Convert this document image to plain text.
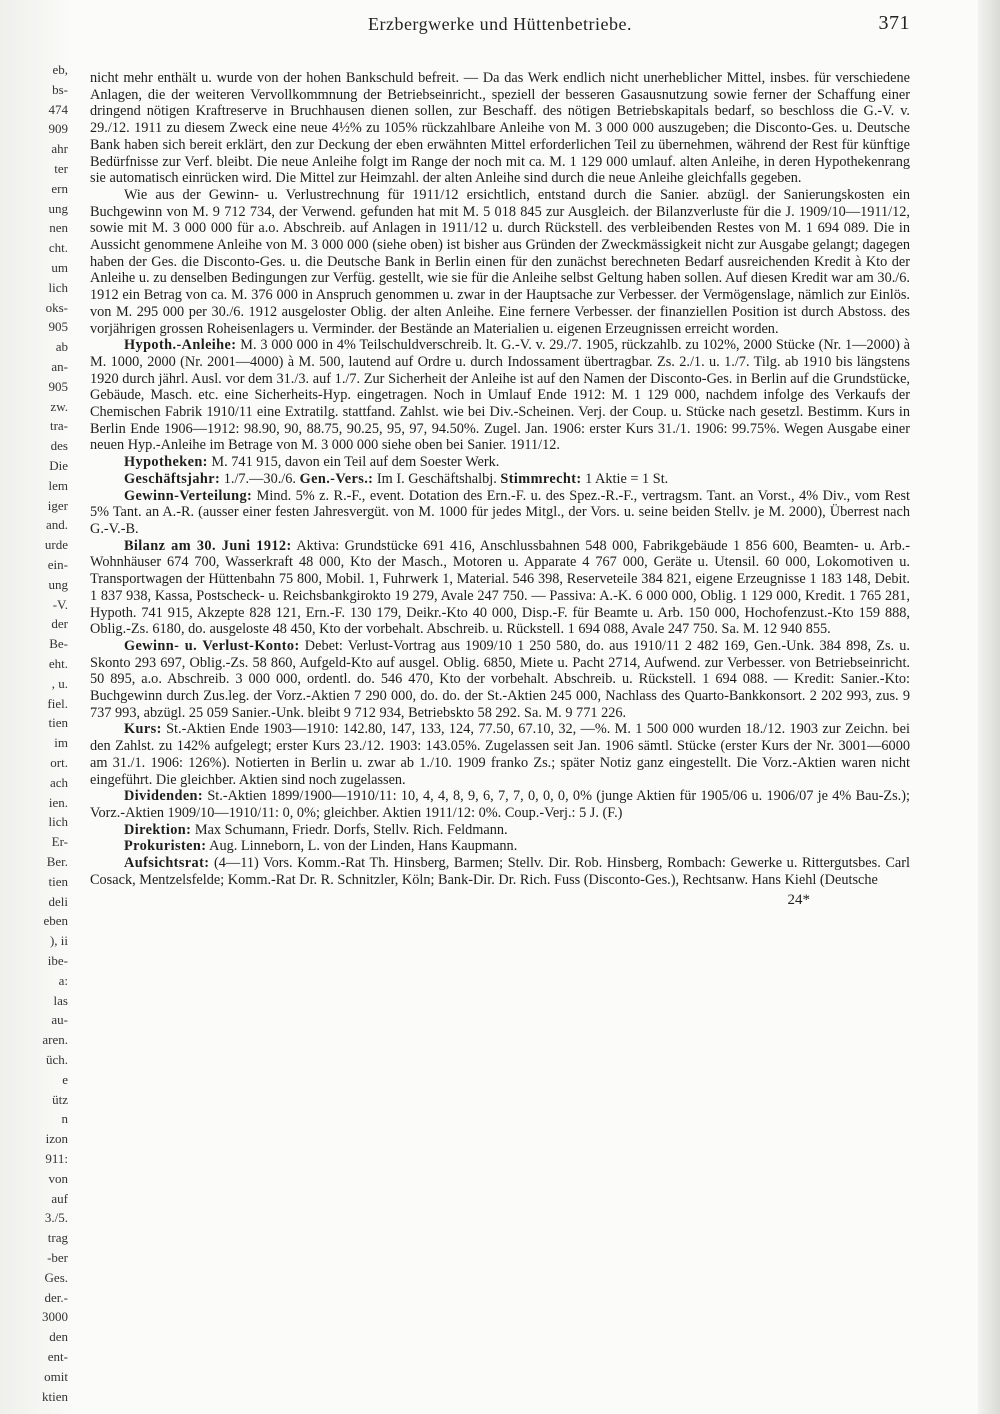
eb,
bs-
474
909
ahr
ter
ern
ung
nen
cht.
um
lich
oks-
905
ab
an-
905
zw.
tra-
des
Die
lem
iger
and.
urde
ein-
ung
-V.
der
Be-
eht.
, u.
fiel.
tien
im
ort.
ach
ien.
lich
Er-
Ber.
tien
deli
eben
), ii
ibe-
a:
las
au-
aren.
üch.
e
ütz
n
izon
911:
von
auf
3./5.
trag
-ber
Ges.
der.-
3000
den
ent-
omit
ktien
Erzbergwerke und Hüttenbetriebe.	371

nicht mehr enthält u. wurde von der hohen Bankschuld befreit. — Da das Werk endlich nicht unerheblicher Mittel, insbes. für verschiedene Anlagen, die der weiteren Vervollkommnung der Betriebseinricht., speziell der besseren Gasausnutzung sowie ferner der Schaffung einer dringend nötigen Kraftreserve in Bruchhausen dienen sollen, zur Beschaff. des nötigen Betriebskapitals bedarf, so beschloss die G.-V. v. 29./12. 1911 zu diesem Zweck eine neue 4½% zu 105% rückzahlbare Anleihe von M. 3 000 000 auszugeben; die Disconto-Ges. u. Deutsche Bank haben sich bereit erklärt, den zur Deckung der eben erwähnten Mittel erforderlichen Teil zu übernehmen, während der Rest für künftige Bedürfnisse zur Verf. bleibt. Die neue Anleihe folgt im Range der noch mit ca. M. 1 129 000 umlauf. alten Anleihe, in deren Hypothekenrang sie automatisch einrücken wird. Die Mittel zur Heimzahl. der alten Anleihe sind durch die neue Anleihe gleichfalls gegeben.

Wie aus der Gewinn- u. Verlustrechnung für 1911/12 ersichtlich, entstand durch die Sanier. abzügl. der Sanierungskosten ein Buchgewinn von M. 9 712 734, der Verwend. gefunden hat mit M. 5 018 845 zur Ausgleich. der Bilanzverluste für die J. 1909/10—1911/12, sowie mit M. 3 000 000 für a.o. Abschreib. auf Anlagen in 1911/12 u. durch Rückstell. des verbleibenden Restes von M. 1 694 089. Die in Aussicht genommene Anleihe von M. 3 000 000 (siehe oben) ist bisher aus Gründen der Zweckmässigkeit nicht zur Ausgabe gelangt; dagegen haben der Ges. die Disconto-Ges. u. die Deutsche Bank in Berlin einen für den zunächst berechneten Bedarf ausreichenden Kredit à Kto der Anleihe u. zu denselben Bedingungen zur Verfüg. gestellt, wie sie für die Anleihe selbst Geltung haben sollen. Auf diesen Kredit war am 30./6. 1912 ein Betrag von ca. M. 376 000 in Anspruch genommen u. zwar in der Hauptsache zur Verbesser. der Vermögenslage, nämlich zur Einlös. von M. 295 000 per 30./6. 1912 ausgeloster Oblig. der alten Anleihe. Eine fernere Verbesser. der finanziellen Position ist durch Abstoss. des vorjährigen grossen Roheisenlagers u. Verminder. der Bestände an Materialien u. eigenen Erzeugnissen erreicht worden.

Hypoth.-Anleihe: M. 3 000 000 in 4% Teilschuldverschreib. lt. G.-V. v. 29./7. 1905, rückzahlb. zu 102%, 2000 Stücke (Nr. 1—2000) à M. 1000, 2000 (Nr. 2001—4000) à M. 500, lautend auf Ordre u. durch Indossament übertragbar. Zs. 2./1. u. 1./7. Tilg. ab 1910 bis längstens 1920 durch jährl. Ausl. vor dem 31./3. auf 1./7. Zur Sicherheit der Anleihe ist auf den Namen der Disconto-Ges. in Berlin auf die Grundstücke, Gebäude, Masch. etc. eine Sicherheits-Hyp. eingetragen. Noch in Umlauf Ende 1912: M. 1 129 000, nachdem infolge des Verkaufs der Chemischen Fabrik 1910/11 eine Extratilg. stattfand. Zahlst. wie bei Div.-Scheinen. Verj. der Coup. u. Stücke nach gesetzl. Bestimm. Kurs in Berlin Ende 1906—1912: 98.90, 90, 88.75, 90.25, 95, 97, 94.50%. Zugel. Jan. 1906: erster Kurs 31./1. 1906: 99.75%. Wegen Ausgabe einer neuen Hyp.-Anleihe im Betrage von M. 3 000 000 siehe oben bei Sanier. 1911/12.

Hypotheken: M. 741 915, davon ein Teil auf dem Soester Werk.

Geschäftsjahr: 1./7.—30./6. Gen.-Vers.: Im I. Geschäftshalbj. Stimmrecht: 1 Aktie = 1 St.

Gewinn-Verteilung: Mind. 5% z. R.-F., event. Dotation des Ern.-F. u. des Spez.-R.-F., vertragsm. Tant. an Vorst., 4% Div., vom Rest 5% Tant. an A.-R. (ausser einer festen Jahresvergüt. von M. 1000 für jedes Mitgl., der Vors. u. seine beiden Stellv. je M. 2000), Überrest nach G.-V.-B.

Bilanz am 30. Juni 1912: Aktiva: Grundstücke 691 416, Anschlussbahnen 548 000, Fabrikgebäude 1 856 600, Beamten- u. Arb.-Wohnhäuser 674 700, Wasserkraft 48 000, Kto der Masch., Motoren u. Apparate 4 767 000, Geräte u. Utensil. 60 000, Lokomotiven u. Transportwagen der Hüttenbahn 75 800, Mobil. 1, Fuhrwerk 1, Material. 546 398, Reserveteile 384 821, eigene Erzeugnisse 1 183 148, Debit. 1 837 938, Kassa, Postscheck- u. Reichsbankgirokto 19 279, Avale 247 750. — Passiva: A.-K. 6 000 000, Oblig. 1 129 000, Kredit. 1 765 281, Hypoth. 741 915, Akzepte 828 121, Ern.-F. 130 179, Deikr.-Kto 40 000, Disp.-F. für Beamte u. Arb. 150 000, Hochofenzust.-Kto 159 888, Oblig.-Zs. 6180, do. ausgeloste 48 450, Kto der vorbehalt. Abschreib. u. Rückstell. 1 694 088, Avale 247 750. Sa. M. 12 940 855.

Gewinn- u. Verlust-Konto: Debet: Verlust-Vortrag aus 1909/10 1 250 580, do. aus 1910/11 2 482 169, Gen.-Unk. 384 898, Zs. u. Skonto 293 697, Oblig.-Zs. 58 860, Aufgeld-Kto auf ausgel. Oblig. 6850, Miete u. Pacht 2714, Aufwend. zur Verbesser. von Betriebseinricht. 50 895, a.o. Abschreib. 3 000 000, ordentl. do. 546 470, Kto der vorbehalt. Abschreib. u. Rückstell. 1 694 088. — Kredit: Sanier.-Kto: Buchgewinn durch Zus.leg. der Vorz.-Aktien 7 290 000, do. do. der St.-Aktien 245 000, Nachlass des Quarto-Bankkonsort. 2 202 993, zus. 9 737 993, abzügl. 25 059 Sanier.-Unk. bleibt 9 712 934, Betriebskto 58 292. Sa. M. 9 771 226.

Kurs: St.-Aktien Ende 1903—1910: 142.80, 147, 133, 124, 77.50, 67.10, 32, —%. M. 1 500 000 wurden 18./12. 1903 zur Zeichn. bei den Zahlst. zu 142% aufgelegt; erster Kurs 23./12. 1903: 143.05%. Zugelassen seit Jan. 1906 sämtl. Stücke (erster Kurs der Nr. 3001—6000 am 31./1. 1906: 126%). Notierten in Berlin u. zwar ab 1./10. 1909 franko Zs.; später Notiz ganz eingestellt. Die Vorz.-Aktien waren nicht eingeführt. Die gleichber. Aktien sind noch zugelassen.

Dividenden: St.-Aktien 1899/1900—1910/11: 10, 4, 4, 8, 9, 6, 7, 7, 0, 0, 0, 0% (junge Aktien für 1905/06 u. 1906/07 je 4% Bau-Zs.); Vorz.-Aktien 1909/10—1910/11: 0, 0%; gleichber. Aktien 1911/12: 0%. Coup.-Verj.: 5 J. (F.)

Direktion: Max Schumann, Friedr. Dorfs, Stellv. Rich. Feldmann.

Prokuristen: Aug. Linneborn, L. von der Linden, Hans Kaupmann.

Aufsichtsrat: (4—11) Vors. Komm.-Rat Th. Hinsberg, Barmen; Stellv. Dir. Rob. Hinsberg, Rombach: Gewerke u. Rittergutsbes. Carl Cosack, Mentzelsfelde; Komm.-Rat Dr. R. Schnitzler, Köln; Bank-Dir. Dr. Rich. Fuss (Disconto-Ges.), Rechtsanw. Hans Kiehl (Deutsche

24*
